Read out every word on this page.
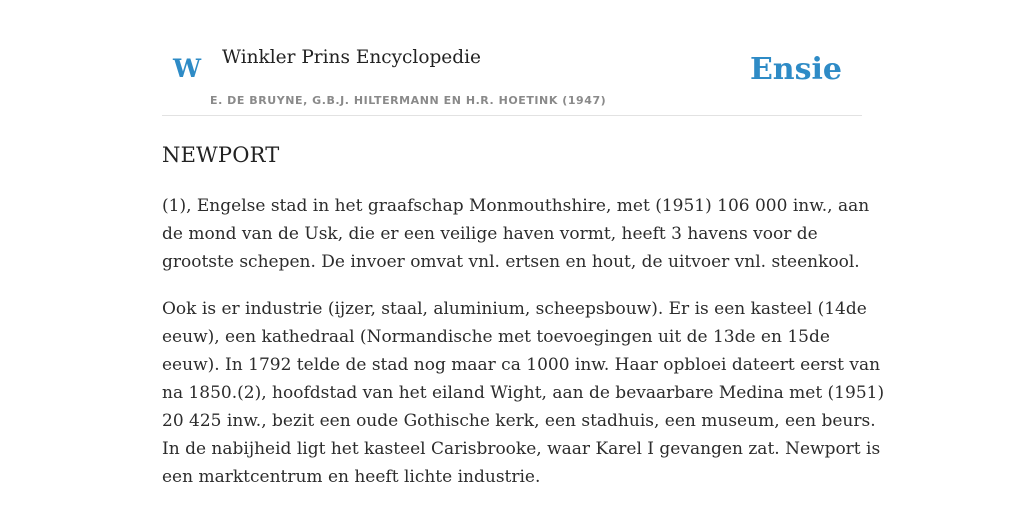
W Winkler Prins Encyclopedie
E. DE BRUYNE, G.B.J. HILTERMANN EN H.R. HOETINK (1947)
Ensie
NEWPORT

(1), Engelse stad in het graafschap Monmouthshire, met (1951) 106 000 inw., aan
de mond van de Usk, die er een veilige haven vormt, heeft 3 havens voor de
grootste schepen. De invoer omvat vnl. ertsen en hout, de uitvoer vnl. steenkool.

Ook is er industrie (ijzer, staal, aluminium, scheepsbouw). Er is een kasteel (14de
eeuw), een kathedraal (Normandische met toevoegingen uit de 13de en 15de
eeuw). In 1792 telde de stad nog maar ca 1000 inw. Haar opbloei dateert eerst van
na 1850.(2), hoofdstad van het eiland Wight, aan de bevaarbare Medina met (1951)
20 425 inw., bezit een oude Gothische kerk, een stadhuis, een museum, een beurs.
In de nabijheid ligt het kasteel Carisbrooke, waar Karel I gevangen zat. Newport is
een marktcentrum en heeft lichte industrie.
